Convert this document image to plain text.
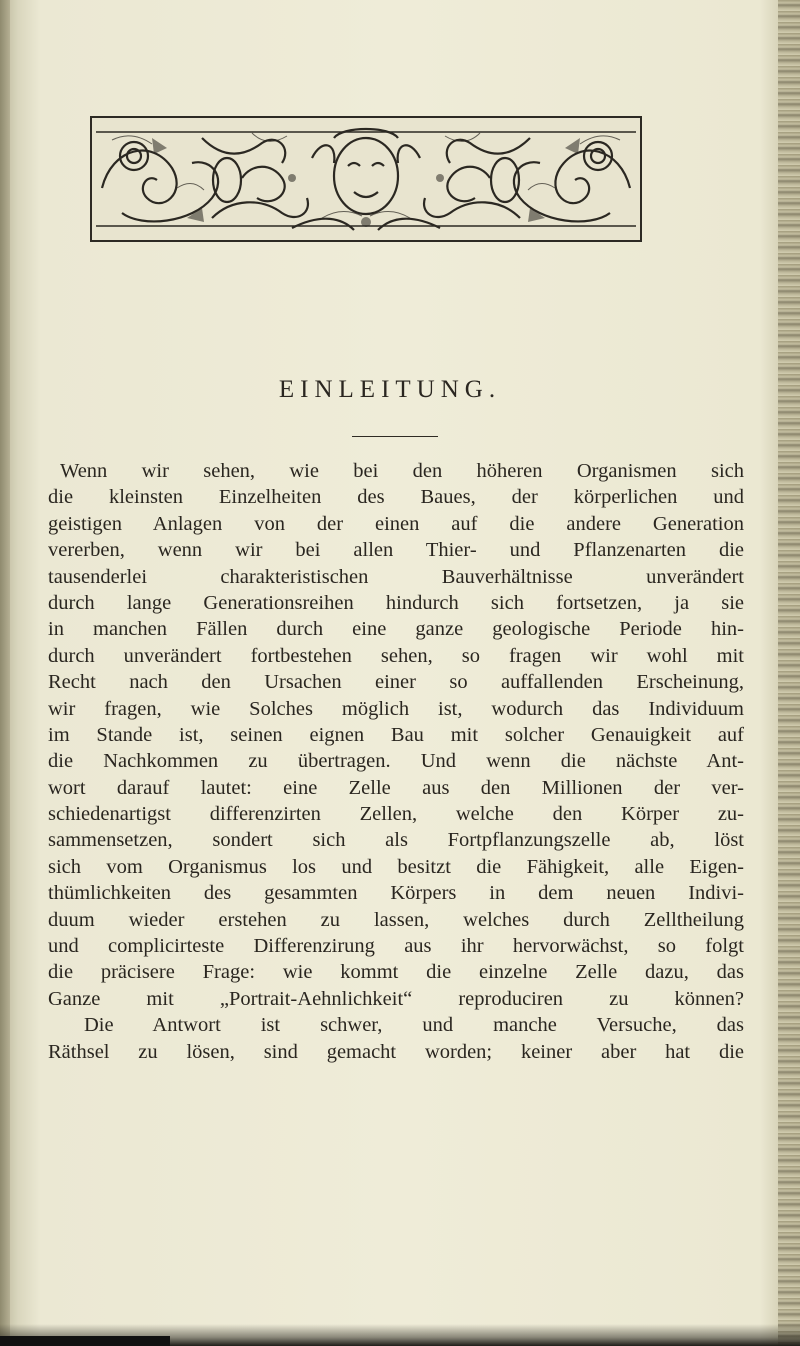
EINLEITUNG.
Wenn wir sehen, wie bei den höheren Organismen sich
die kleinsten Einzelheiten des Baues, der körperlichen und
geistigen Anlagen von der einen auf die andere Generation
vererben, wenn wir bei allen Thier- und Pflanzenarten die
tausenderlei charakteristischen Bauverhältnisse unverändert
durch lange Generationsreihen hindurch sich fortsetzen, ja sie
in manchen Fällen durch eine ganze geologische Periode hin-
durch unverändert fortbestehen sehen, so fragen wir wohl mit
Recht nach den Ursachen einer so auffallenden Erscheinung,
wir fragen, wie Solches möglich ist, wodurch das Individuum
im Stande ist, seinen eignen Bau mit solcher Genauigkeit auf
die Nachkommen zu übertragen. Und wenn die nächste Ant-
wort darauf lautet: eine Zelle aus den Millionen der ver-
schiedenartigst differenzirten Zellen, welche den Körper zu-
sammensetzen, sondert sich als Fortpflanzungszelle ab, löst
sich vom Organismus los und besitzt die Fähigkeit, alle Eigen-
thümlichkeiten des gesammten Körpers in dem neuen Indivi-
duum wieder erstehen zu lassen, welches durch Zelltheilung
und complicirteste Differenzirung aus ihr hervorwächst, so folgt
die präcisere Frage: wie kommt die einzelne Zelle dazu, das
Ganze mit „Portrait-Aehnlichkeit“ reproduciren zu können?
Die Antwort ist schwer, und manche Versuche, das
Räthsel zu lösen, sind gemacht worden; keiner aber hat die
